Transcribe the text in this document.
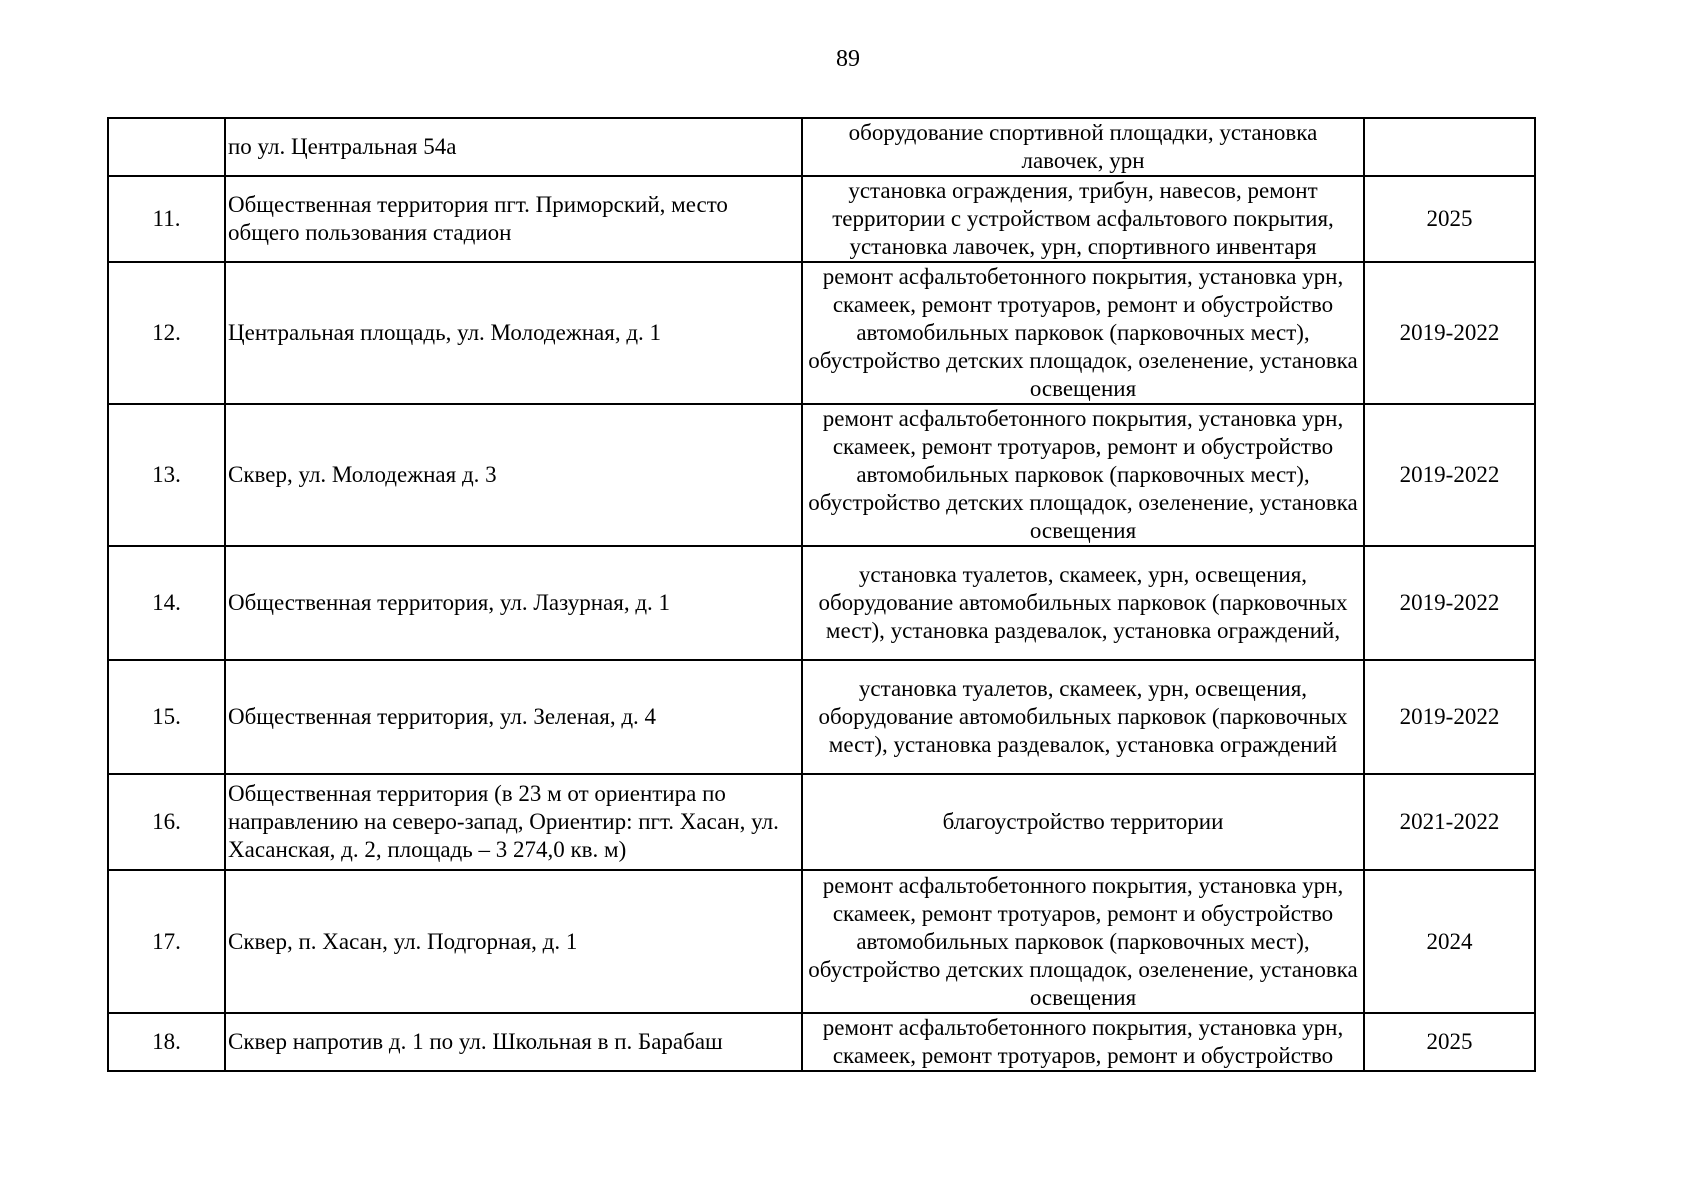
89
	по ул. Центральная 54а	оборудование спортивной площадки, установка лавочек, урн	
11.	Общественная территория пгт. Приморский, место общего пользования стадион	установка ограждения, трибун, навесов, ремонт территории с устройством асфальтового покрытия, установка лавочек, урн, спортивного инвентаря	2025
12.	Центральная площадь, ул. Молодежная, д. 1	ремонт асфальтобетонного покрытия, установка урн, скамеек, ремонт тротуаров, ремонт и обустройство автомобильных парковок (парковочных мест), обустройство детских площадок, озеленение, установка освещения	2019-2022
13.	Сквер, ул. Молодежная д. 3	ремонт асфальтобетонного покрытия, установка урн, скамеек, ремонт тротуаров, ремонт и обустройство автомобильных парковок (парковочных мест), обустройство детских площадок, озеленение, установка освещения	2019-2022
14.	Общественная территория, ул. Лазурная, д. 1	установка туалетов, скамеек, урн, освещения, оборудование автомобильных парковок (парковочных мест), установка раздевалок, установка ограждений,	2019-2022
15.	Общественная территория, ул. Зеленая, д. 4	установка туалетов, скамеек, урн, освещения, оборудование автомобильных парковок (парковочных мест), установка раздевалок, установка ограждений	2019-2022
16.	Общественная территория (в 23 м от ориентира по направлению на северо-запад, Ориентир: пгт. Хасан, ул. Хасанская, д. 2, площадь – 3 274,0 кв. м)	благоустройство территории	2021-2022
17.	Сквер, п. Хасан, ул. Подгорная, д. 1	ремонт асфальтобетонного покрытия, установка урн, скамеек, ремонт тротуаров, ремонт и обустройство автомобильных парковок (парковочных мест), обустройство детских площадок, озеленение, установка освещения	2024
18.	Сквер напротив д. 1 по ул. Школьная в п. Барабаш	ремонт асфальтобетонного покрытия, установка урн, скамеек, ремонт тротуаров, ремонт и обустройство	2025
